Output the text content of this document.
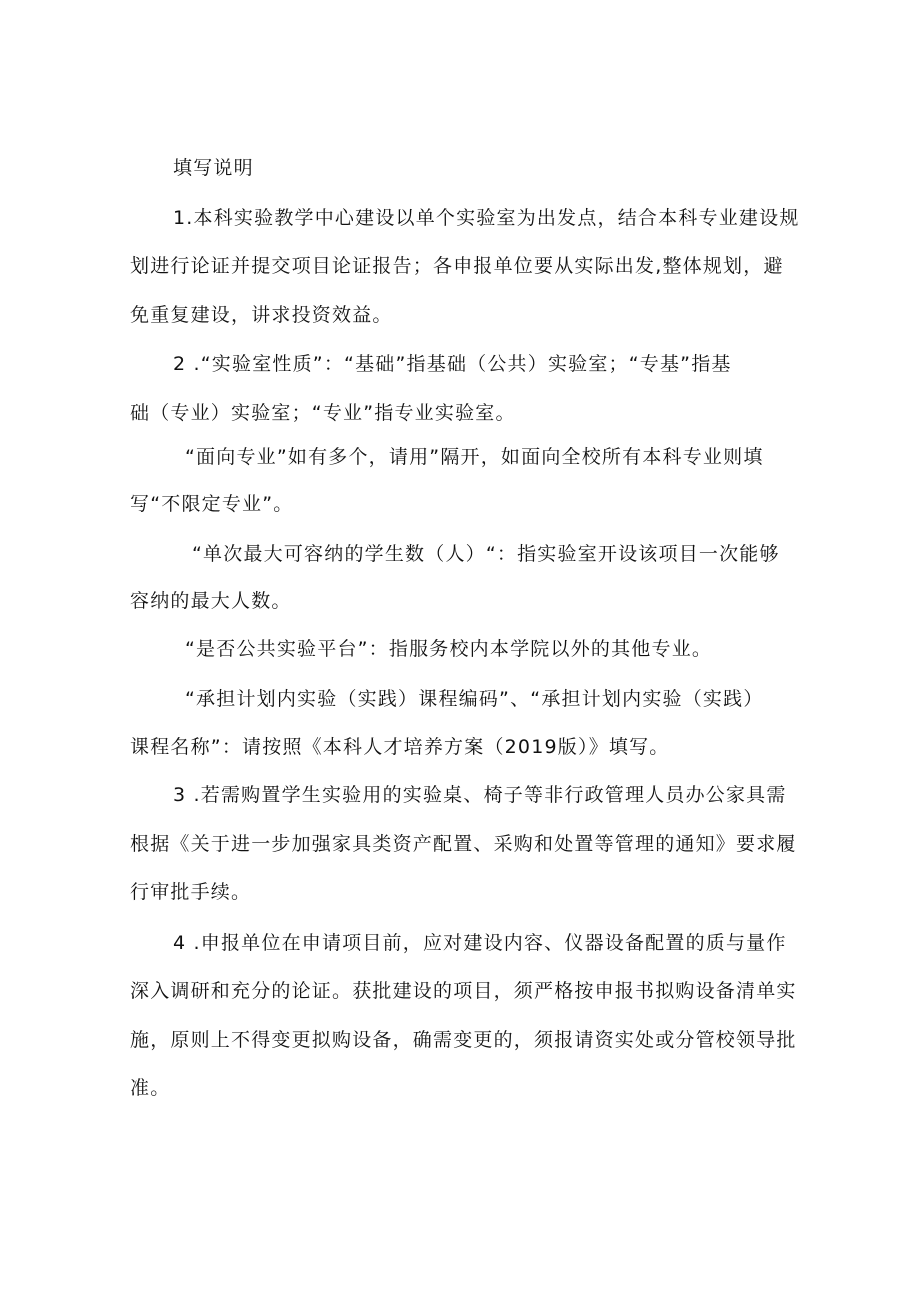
填写说明
1.本科实验教学中心建设以单个实验室为出发点，结合本科专业建设规
划进行论证并提交项目论证报告；各申报单位要从实际出发,整体规划，避
免重复建设，讲求投资效益。
2 .“实验室性质”：“基础”指基础（公共）实验室；“专基”指基
础（专业）实验室；“专业”指专业实验室。
“面向专业”如有多个，请用”隔开，如面向全校所有本科专业则填
写“不限定专业”。
“单次最大可容纳的学生数（人）“：指实验室开设该项目一次能够
容纳的最大人数。
“是否公共实验平台”：指服务校内本学院以外的其他专业。
“承担计划内实验（实践）课程编码”、“承担计划内实验（实践）
课程名称”：请按照《本科人才培养方案（2019版）》填写。
3 .若需购置学生实验用的实验桌、椅子等非行政管理人员办公家具需
根据《关于进一步加强家具类资产配置、采购和处置等管理的通知》要求履
行审批手续。
4 .申报单位在申请项目前，应对建设内容、仪器设备配置的质与量作
深入调研和充分的论证。获批建设的项目，须严格按申报书拟购设备清单实
施，原则上不得变更拟购设备，确需变更的，须报请资实处或分管校领导批
准。
